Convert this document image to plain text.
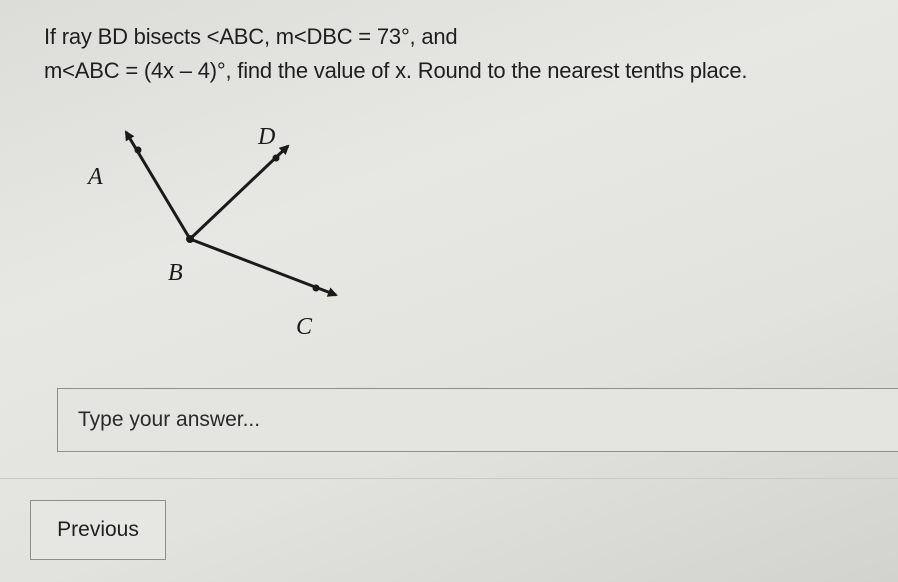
If ray BD bisects <ABC, m<DBC = 73°, and
m<ABC = (4x – 4)°, find the value of x. Round to the nearest tenths place.
A
B
C
D
Type your answer...
Previous
